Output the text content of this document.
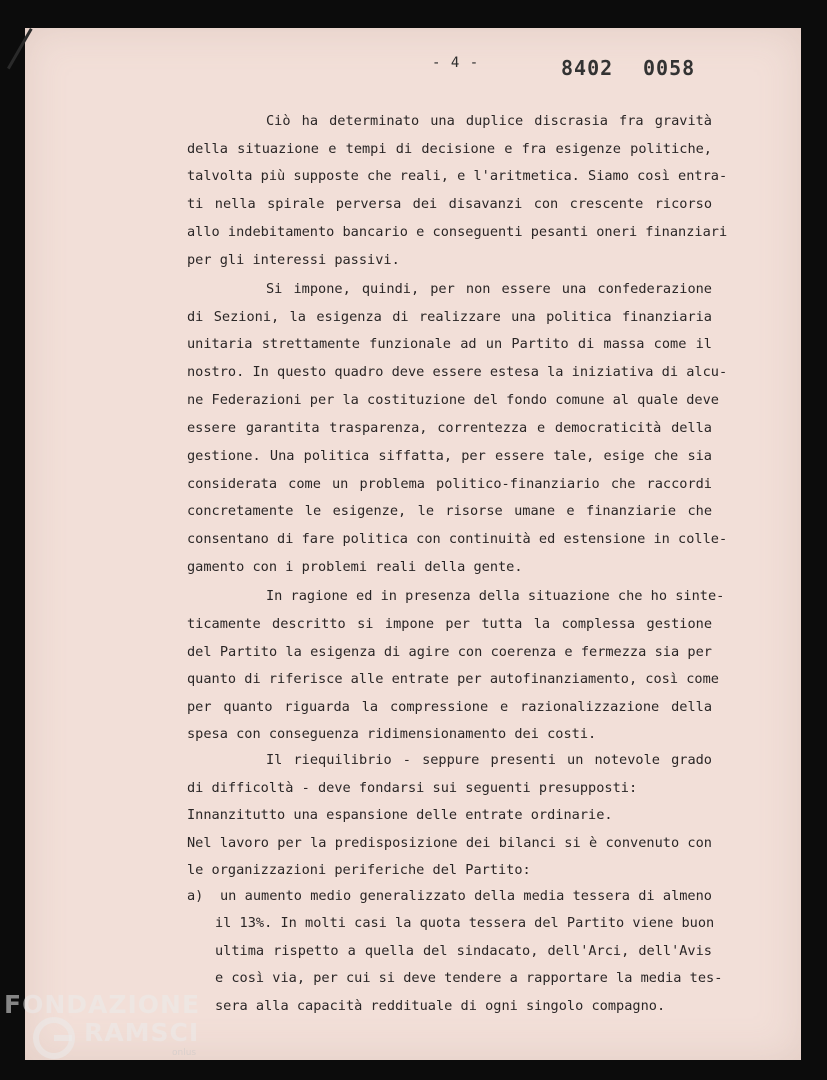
- 4 -	8402 0058
Ciò ha determinato una duplice discrasia fra gravità
della situazione e tempi di decisione e fra esigenze politiche,
talvolta più supposte che reali, e l'aritmetica. Siamo così entra-
ti nella spirale perversa dei disavanzi con crescente ricorso
allo indebitamento bancario e conseguenti pesanti oneri finanziari
per gli interessi passivi.
Si impone, quindi, per non essere una confederazione
di Sezioni, la esigenza di realizzare una politica finanziaria
unitaria strettamente funzionale ad un Partito di massa come il
nostro. In questo quadro deve essere estesa la iniziativa di alcu-
ne Federazioni per la costituzione del fondo comune al quale deve
essere garantita trasparenza, correntezza e democraticità della
gestione. Una politica siffatta, per essere tale, esige che sia
considerata come un problema politico-finanziario che raccordi
concretamente le esigenze, le risorse umane e finanziarie che
consentano di fare politica con continuità ed estensione in colle-
gamento con i problemi reali della gente.
In ragione ed in presenza della situazione che ho sinte-
ticamente descritto si impone per tutta la complessa gestione
del Partito la esigenza di agire con coerenza e fermezza sia per
quanto di riferisce alle entrate per autofinanziamento, così come
per quanto riguarda la compressione e razionalizzazione della
spesa con conseguenza ridimensionamento dei costi.
Il riequilibrio - seppure presenti un notevole grado
di difficoltà - deve fondarsi sui seguenti presupposti:
Innanzitutto una espansione delle entrate ordinarie.
Nel lavoro per la predisposizione dei bilanci si è convenuto con
le organizzazioni periferiche del Partito:
a)  un aumento medio generalizzato della media tessera di almeno
il 13%. In molti casi la quota tessera del Partito viene buon
ultima rispetto a quella del sindacato, dell'Arci, dell'Avis
e così via, per cui si deve tendere a rapportare la media tes-
sera alla capacità reddituale di ogni singolo compagno.
FONDAZIONE
RAMSCI
onlus
